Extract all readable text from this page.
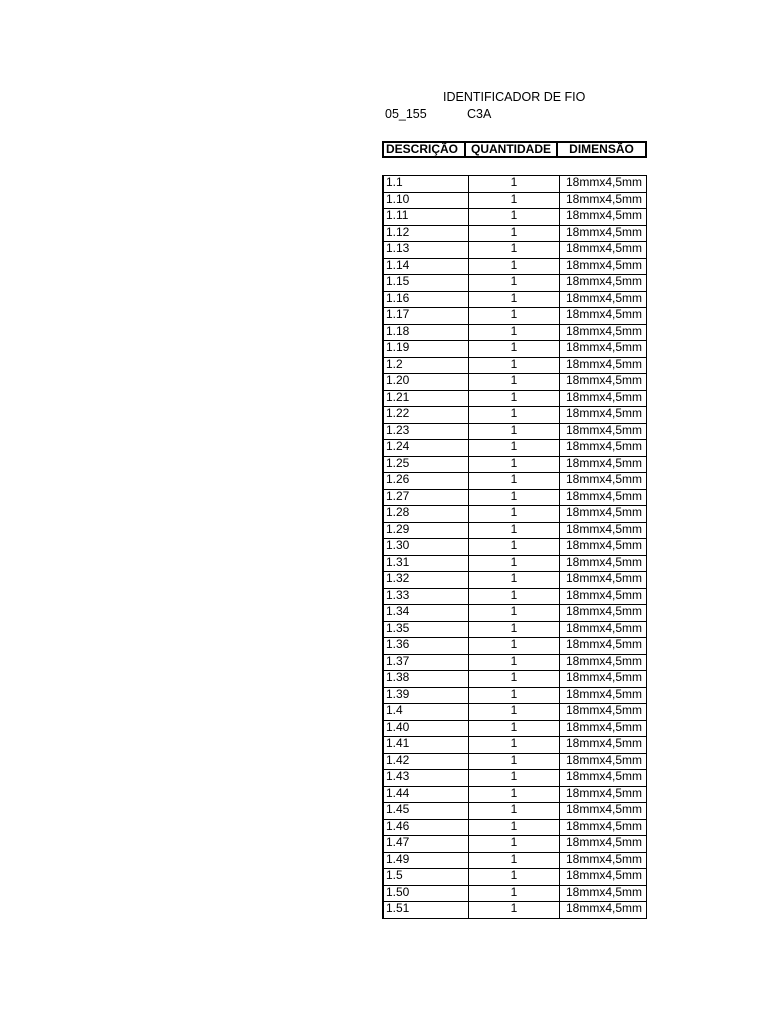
IDENTIFICADOR DE FIO
05_155	C3A
DESCRIÇÃO	QUANTIDADE	DIMENSÃO
1.1	1	18mmx4,5mm
1.10	1	18mmx4,5mm
1.11	1	18mmx4,5mm
1.12	1	18mmx4,5mm
1.13	1	18mmx4,5mm
1.14	1	18mmx4,5mm
1.15	1	18mmx4,5mm
1.16	1	18mmx4,5mm
1.17	1	18mmx4,5mm
1.18	1	18mmx4,5mm
1.19	1	18mmx4,5mm
1.2	1	18mmx4,5mm
1.20	1	18mmx4,5mm
1.21	1	18mmx4,5mm
1.22	1	18mmx4,5mm
1.23	1	18mmx4,5mm
1.24	1	18mmx4,5mm
1.25	1	18mmx4,5mm
1.26	1	18mmx4,5mm
1.27	1	18mmx4,5mm
1.28	1	18mmx4,5mm
1.29	1	18mmx4,5mm
1.30	1	18mmx4,5mm
1.31	1	18mmx4,5mm
1.32	1	18mmx4,5mm
1.33	1	18mmx4,5mm
1.34	1	18mmx4,5mm
1.35	1	18mmx4,5mm
1.36	1	18mmx4,5mm
1.37	1	18mmx4,5mm
1.38	1	18mmx4,5mm
1.39	1	18mmx4,5mm
1.4	1	18mmx4,5mm
1.40	1	18mmx4,5mm
1.41	1	18mmx4,5mm
1.42	1	18mmx4,5mm
1.43	1	18mmx4,5mm
1.44	1	18mmx4,5mm
1.45	1	18mmx4,5mm
1.46	1	18mmx4,5mm
1.47	1	18mmx4,5mm
1.49	1	18mmx4,5mm
1.5	1	18mmx4,5mm
1.50	1	18mmx4,5mm
1.51	1	18mmx4,5mm
